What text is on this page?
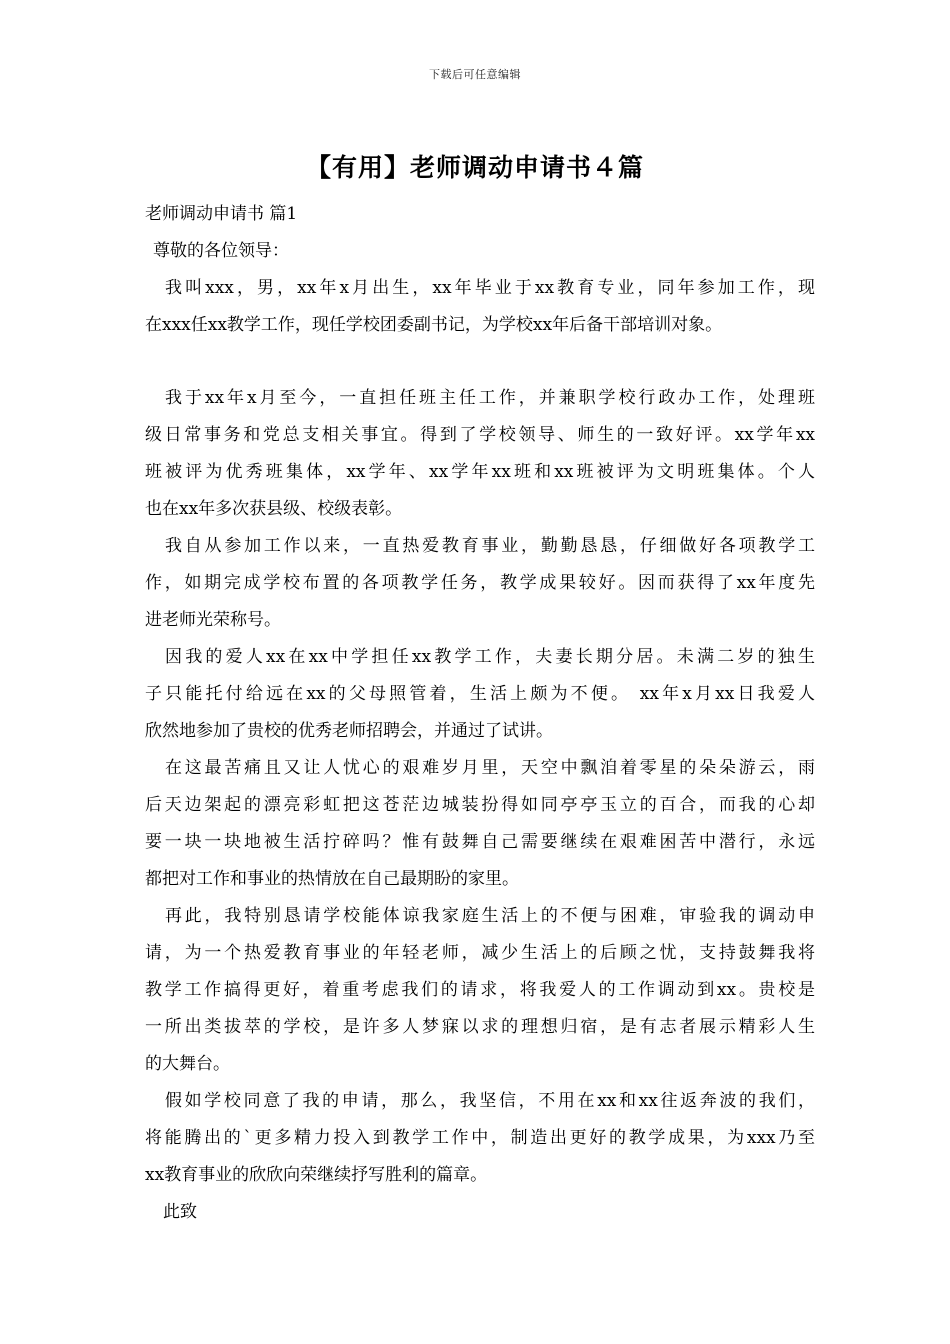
下载后可任意编辑
【有用】老师调动申请书４篇
老师调动申请书 篇1
尊敬的各位领导：
我叫xxx，男，xx年x月出生，xx年毕业于xx教育专业，同年参加工作，现
在xxx任xx教学工作，现任学校团委副书记，为学校xx年后备干部培训对象。
我于xx年x月至今，一直担任班主任工作，并兼职学校行政办工作，处理班
级日常事务和党总支相关事宜。得到了学校领导、师生的一致好评。xx学年xx
班被评为优秀班集体，xx学年、xx学年xx班和xx班被评为文明班集体。个人
也在xx年多次获县级、校级表彰。
我自从参加工作以来，一直热爱教育事业，勤勤恳恳，仔细做好各项教学工
作，如期完成学校布置的各项教学任务，教学成果较好。因而获得了xx年度先
进老师光荣称号。
因我的爱人xx在xx中学担任xx教学工作，夫妻长期分居。未满二岁的独生
子只能托付给远在xx的父母照管着，生活上颇为不便。 xx年x月xx日我爱人
欣然地参加了贵校的优秀老师招聘会，并通过了试讲。
在这最苦痛且又让人忧心的艰难岁月里，天空中飘洎着零星的朵朵游云，雨
后天边架起的漂亮彩虹把这苍茫边城装扮得如同亭亭玉立的百合，而我的心却
要一块一块地被生活拧碎吗？惟有鼓舞自己需要继续在艰难困苦中潜行，永远
都把对工作和事业的热情放在自己最期盼的家里。
再此，我特别恳请学校能体谅我家庭生活上的不便与困难，审验我的调动申
请，为一个热爱教育事业的年轻老师，减少生活上的后顾之忧，支持鼓舞我将
教学工作搞得更好，着重考虑我们的请求，将我爱人的工作调动到xx。贵校是
一所出类拔萃的学校，是许多人梦寐以求的理想归宿，是有志者展示精彩人生
的大舞台。
假如学校同意了我的申请，那么，我坚信，不用在xx和xx往返奔波的我们，
将能腾出的`更多精力投入到教学工作中，制造出更好的教学成果，为xxx乃至
xx教育事业的欣欣向荣继续抒写胜利的篇章。
此致
